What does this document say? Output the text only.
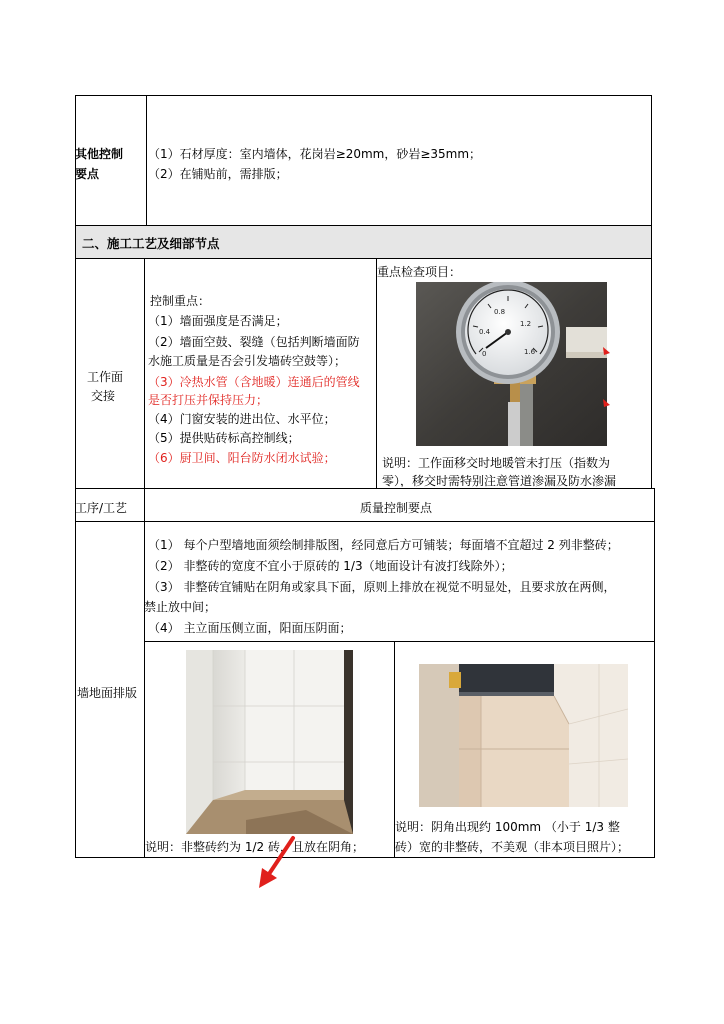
其他控制
要点
（1）石材厚度：室内墙体，花岗岩≥20mm，砂岩≥35mm；
（2）在铺贴前，需排版；
二、施工工艺及细部节点
工作面
交接
控制重点：
（1）墙面强度是否满足；
（2）墙面空鼓、裂缝（包括判断墙面防
水施工质量是否会引发墙砖空鼓等）；
（3）冷热水管（含地暖）连通后的管线
是否打压并保持压力；
（4）门窗安装的进出位、水平位；
（5）提供贴砖标高控制线；
（6）厨卫间、阳台防水闭水试验；
重点检查项目：
0
0.4
0.8
1.2
1.6
说明：工作面移交时地暖管未打压（指数为
零），移交时需特别注意管道渗漏及防水渗漏
工序/工艺	质量控制要点
墙地面排版
（1） 每个户型墙地面须绘制排版图，经同意后方可铺装；每面墙不宜超过 2 列非整砖；
（2） 非整砖的宽度不宜小于原砖的 1/3（地面设计有波打线除外）；
（3） 非整砖宜铺贴在阴角或家具下面，原则上排放在视觉不明显处，且要求放在两侧，
禁止放中间；
（4） 主立面压侧立面，阳面压阴面；
说明：非整砖约为 1/2 砖，且放在阴角；
说明：阴角出现约 100mm （小于 1/3 整
砖）宽的非整砖，不美观（非本项目照片）；
